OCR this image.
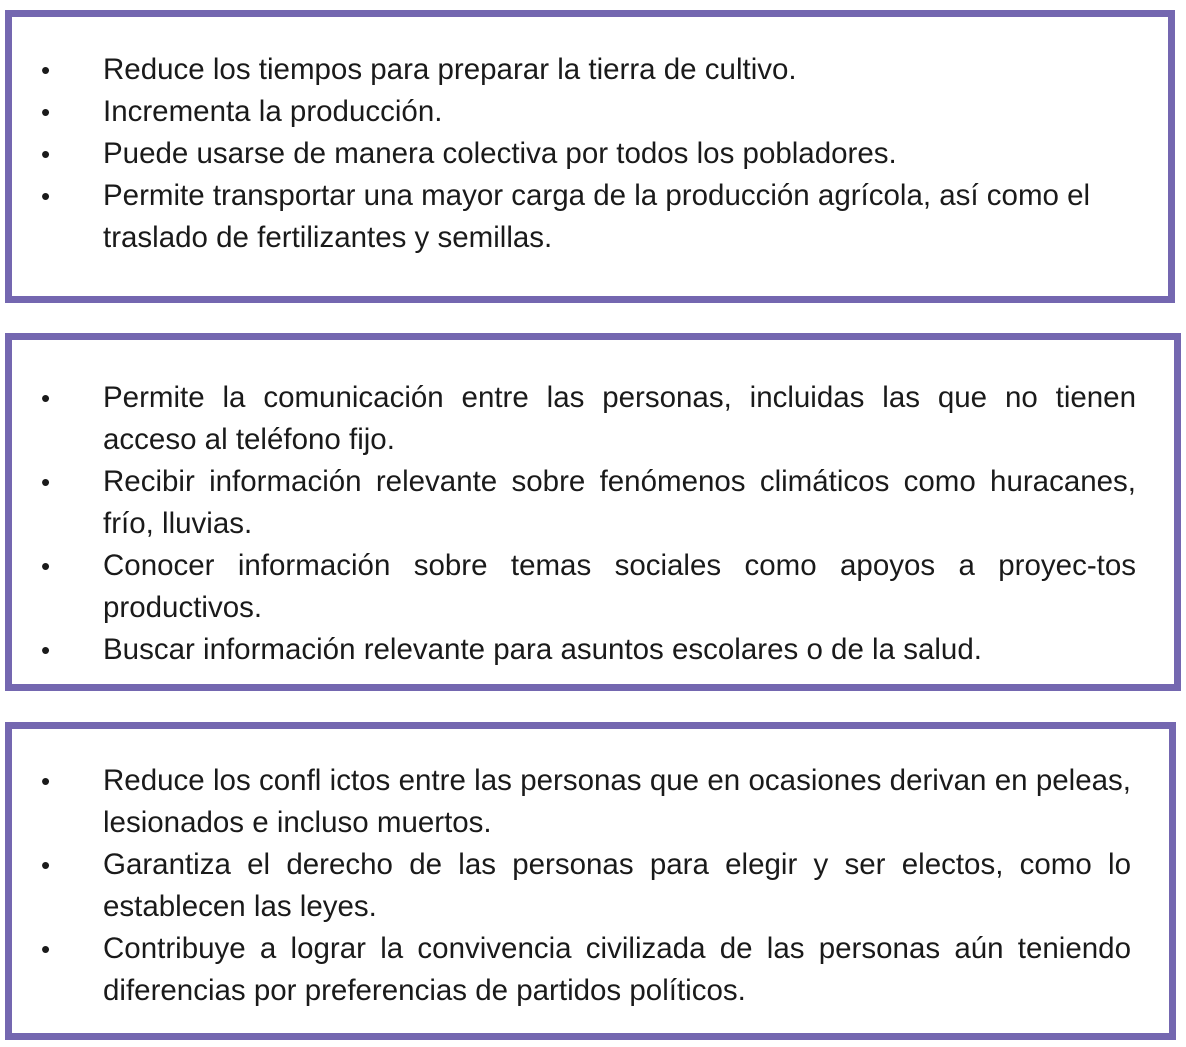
• Reduce los tiempos para preparar la tierra de cultivo.
• Incrementa la producción.
• Puede usarse de manera colectiva por todos los pobladores.
• Permite transportar una mayor carga de la producción agrícola, así como el traslado de fertilizantes y semillas.
• Permite la comunicación entre las personas, incluidas las que no tienen acceso al teléfono fijo.
• Recibir información relevante sobre fenómenos climáticos como huracanes, frío, lluvias.
• Conocer información sobre temas sociales como apoyos a proyec-tos productivos.
• Buscar información relevante para asuntos escolares o de la salud.
• Reduce los confl ictos entre las personas que en ocasiones derivan en peleas, lesionados e incluso muertos.
• Garantiza el derecho de las personas para elegir y ser electos, como lo establecen las leyes.
• Contribuye a lograr la convivencia civilizada de las personas aún teniendo diferencias por preferencias de partidos políticos.
